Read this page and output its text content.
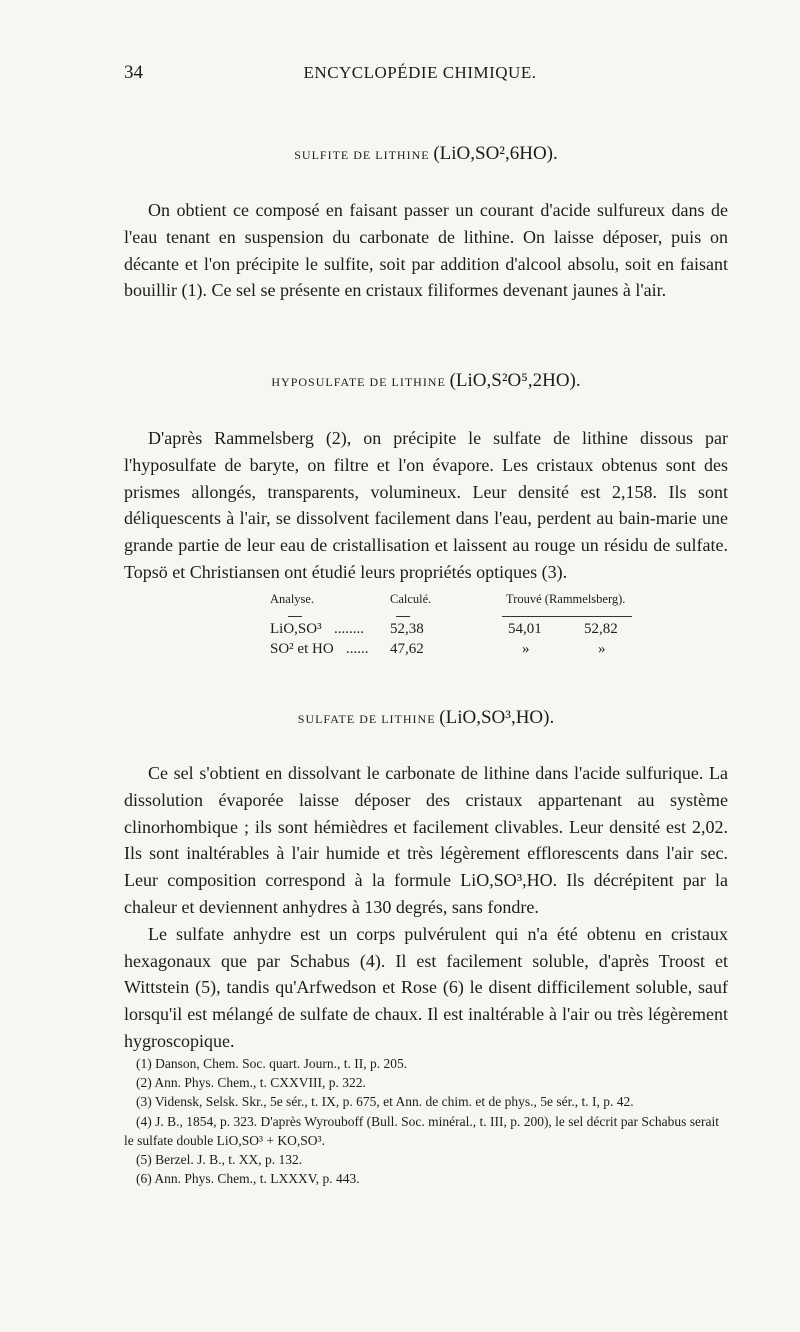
34	ENCYCLOPÉDIE CHIMIQUE.
SULFITE DE LITHINE (LiO,SO²,6HO).

On obtient ce composé en faisant passer un courant d'acide sulfureux dans de l'eau tenant en suspension du carbonate de lithine. On laisse déposer, puis on décante et l'on précipite le sulfite, soit par addition d'alcool absolu, soit en faisant bouillir (1). Ce sel se présente en cristaux filiformes devenant jaunes à l'air.

HYPOSULFATE DE LITHINE (LiO,S²O⁵,2HO).

D'après Rammelsberg (2), on précipite le sulfate de lithine dissous par l'hyposulfate de baryte, on filtre et l'on évapore. Les cristaux obtenus sont des prismes allongés, transparents, volumineux. Leur densité est 2,158. Ils sont déliquescents à l'air, se dissolvent facilement dans l'eau, perdent au bain-marie une grande partie de leur eau de cristallisation et laissent au rouge un résidu de sulfate. Topsö et Christiansen ont étudié leurs propriétés optiques (3).

Analyse.	Calculé.	Trouvé (Rammelsberg).
LiO,SO³ ........ 52,38	54,01	52,82
SO² et HO ...... 47,62	»	»
SULFATE DE LITHINE (LiO,SO³,HO).

Ce sel s'obtient en dissolvant le carbonate de lithine dans l'acide sulfurique. La dissolution évaporée laisse déposer des cristaux appartenant au système clinorhombique ; ils sont hémièdres et facilement clivables. Leur densité est 2,02. Ils sont inaltérables à l'air humide et très légèrement efflorescents dans l'air sec. Leur composition correspond à la formule LiO,SO³,HO. Ils décrépitent par la chaleur et deviennent anhydres à 130 degrés, sans fondre.

Le sulfate anhydre est un corps pulvérulent qui n'a été obtenu en cristaux hexagonaux que par Schabus (4). Il est facilement soluble, d'après Troost et Wittstein (5), tandis qu'Arfwedson et Rose (6) le disent difficilement soluble, sauf lorsqu'il est mélangé de sulfate de chaux. Il est inaltérable à l'air ou très légèrement hygroscopique.

(1) Danson, Chem. Soc. quart. Journ., t. II, p. 205.

(2) Ann. Phys. Chem., t. CXXVIII, p. 322.

(3) Vidensk, Selsk. Skr., 5e sér., t. IX, p. 675, et Ann. de chim. et de phys., 5e sér., t. I, p. 42.

(4) J. B., 1854, p. 323. D'après Wyrouboff (Bull. Soc. minéral., t. III, p. 200), le sel décrit par Schabus serait le sulfate double LiO,SO³ + KO,SO³.

(5) Berzel. J. B., t. XX, p. 132.

(6) Ann. Phys. Chem., t. LXXXV, p. 443.
